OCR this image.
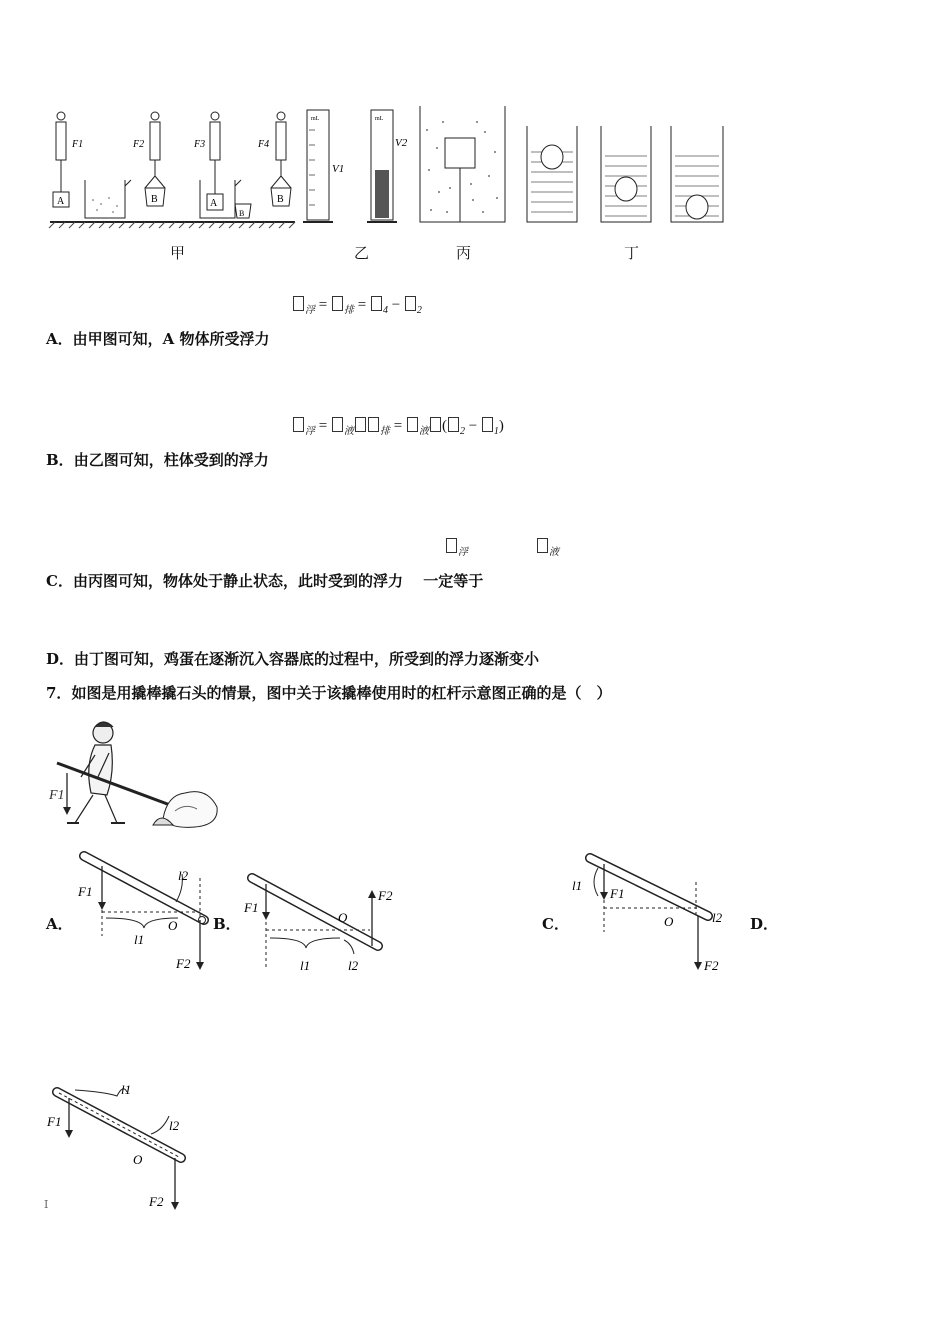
F1
A
F2
B
F3
A
B
F4
B
mL
V1
mL
V2
甲	乙	丙	丁
$_浮$ = $_排$ = $_4$ − $_2$
A．由甲图可知，A 物体所受浮力
$_浮$ = $_液$	$_排$ = $_液$ ( $_2$ − $_1$)
B．由乙图可知，柱体受到的浮力
$_浮$	$_液$
C．由丙图可知，物体处于静止状态，此时受到的浮力　 一定等于
D．由丁图可知，鸡蛋在逐渐沉入容器底的过程中，所受到的浮力逐渐变小
7．如图是用撬棒撬石头的情景，图中关于该撬棒使用时的杠杆示意图正确的是（　）
F1
F1
F2
l1
l2
O
A．
F1
F2
l1	l2
O
B．
l1
F1
O	l2
F2
C．	D．
F1
l1
l2
O
F2
I
